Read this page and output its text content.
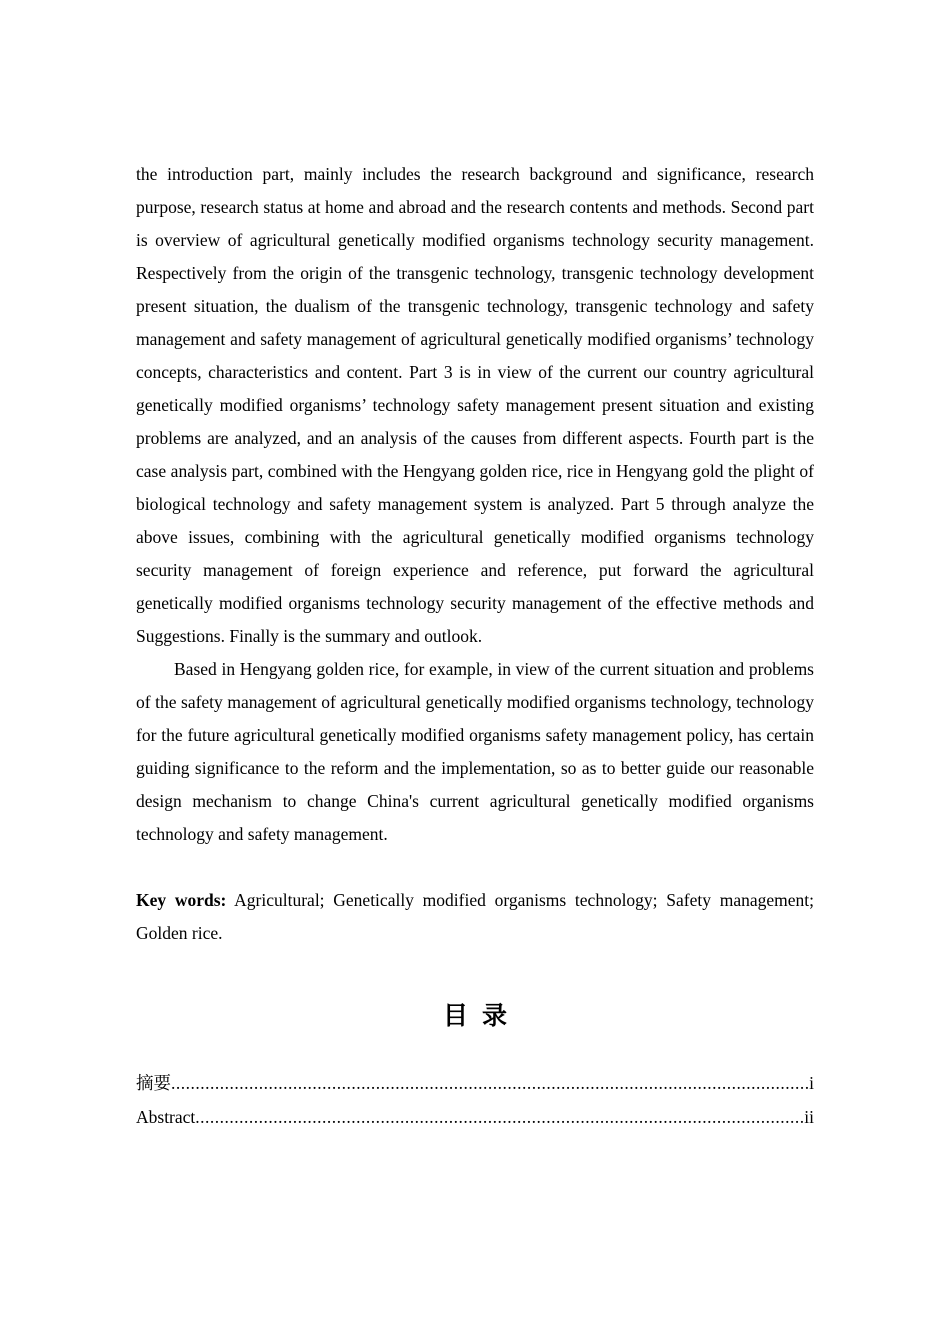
the introduction part, mainly includes the research background and significance, research purpose, research status at home and abroad and the research contents and methods. Second part is overview of agricultural genetically modified organisms technology security management. Respectively from the origin of the transgenic technology, transgenic technology development present situation, the dualism of the transgenic technology, transgenic technology and safety management and safety management of agricultural genetically modified organisms’ technology concepts, characteristics and content. Part 3 is in view of the current our country agricultural genetically modified organisms’ technology safety management present situation and existing problems are analyzed, and an analysis of the causes from different aspects. Fourth part is the case analysis part, combined with the Hengyang golden rice, rice in Hengyang gold the plight of biological technology and safety management system is analyzed. Part 5 through analyze the above issues, combining with the agricultural genetically modified organisms technology security management of foreign experience and reference, put forward the agricultural genetically modified organisms technology security management of the effective methods and Suggestions. Finally is the summary and outlook.

Based in Hengyang golden rice, for example, in view of the current situation and problems of the safety management of agricultural genetically modified organisms technology, technology for the future agricultural genetically modified organisms safety management policy, has certain guiding significance to the reform and the implementation, so as to better guide our reasonable design mechanism to change China's current agricultural genetically modified organisms technology and safety management.

Key words: Agricultural; Genetically modified organisms technology; Safety management; Golden rice.

目录
摘要 .....	i
Abstract .....	ii
